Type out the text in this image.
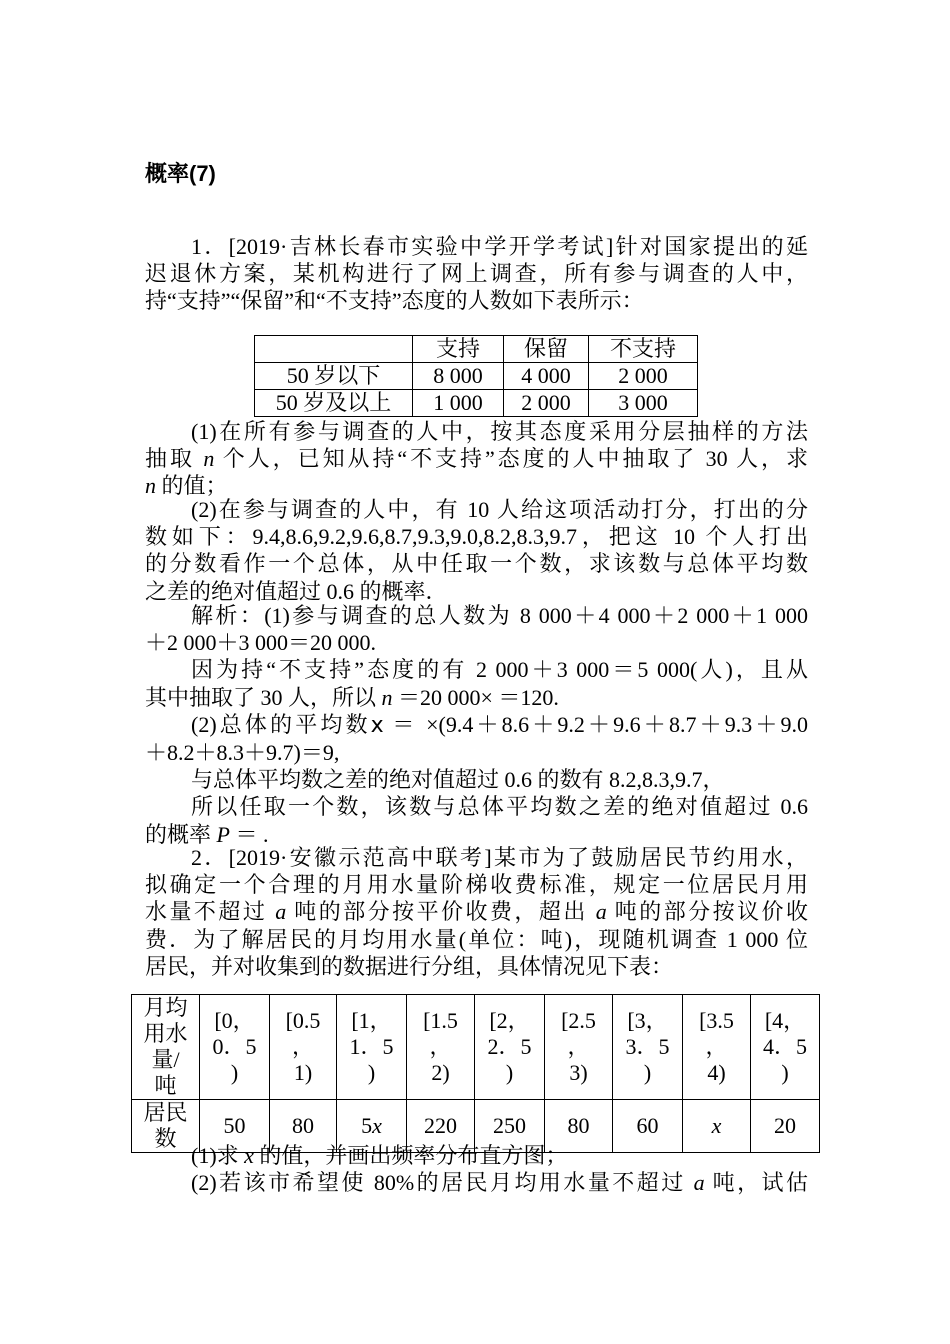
概率(7)
1．[2019·吉林长春市实验中学开学考试]针对国家提出的延
迟退休方案，某机构进行了网上调查，所有参与调查的人中，
持“支持”“保留”和“不支持”态度的人数如下表所示：
	支持	保留	不支持
50 岁以下	8 000	4 000	2 000
50 岁及以上	1 000	2 000	3 000
(1)在所有参与调查的人中，按其态度采用分层抽样的方法
抽取 n 个人，已知从持“不支持”态度的人中抽取了 30 人，求
n 的值；
(2)在参与调查的人中，有 10 人给这项活动打分，打出的分
数如下：9.4,8.6,9.2,9.6,8.7,9.3,9.0,8.2,8.3,9.7，把这 10 个人打出
的分数看作一个总体，从中任取一个数，求该数与总体平均数
之差的绝对值超过 0.6 的概率．
解析：(1)参与调查的总人数为 8 000＋4 000＋2 000＋1 000
＋2 000＋3 000＝20 000.
因为持“不支持”态度的有 2 000＋3 000＝5 000(人)，且从
其中抽取了 30 人，所以 n ＝20 000× ＝120.
(2)总体的平均数x ＝ ×(9.4＋8.6＋9.2＋9.6＋8.7＋9.3＋9.0
＋8.2＋8.3＋9.7)＝9,
与总体平均数之差的绝对值超过 0.6 的数有 8.2,8.3,9.7，
所以任取一个数，该数与总体平均数之差的绝对值超过 0.6
的概率 P ＝ .
2．[2019·安徽示范高中联考]某市为了鼓励居民节约用水，
拟确定一个合理的月用水量阶梯收费标准，规定一位居民月用
水量不超过 a 吨的部分按平价收费，超出 a 吨的部分按议价收
费．为了解居民的月均用水量(单位：吨)，现随机调查 1 000 位
居民，并对收集到的数据进行分组，具体情况见下表：
月均
用水
量/
吨	[0，
0．5
)	[0.5
，
1)	[1，
1．5
)	[1.5
，
2)	[2，
2．5
)	[2.5
，
3)	[3，
3．5
)	[3.5
，
4)	[4，
4．5
)

居民
数	50	80	5x	220	250	80	60	x	20
(1)求 x 的值，并画出频率分布直方图；
(2)若该市希望使 80%的居民月均用水量不超过 a 吨，试估
